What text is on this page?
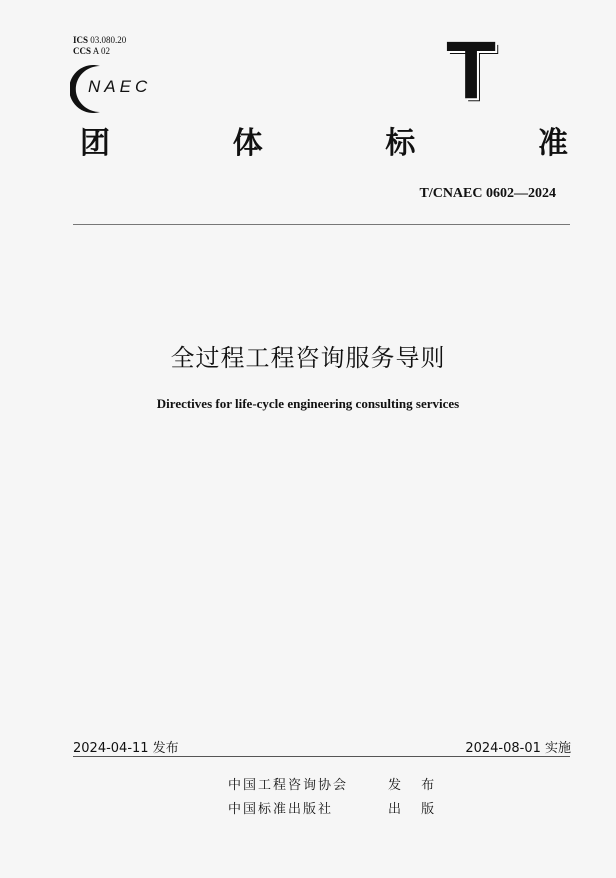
ICS 03.080.20
CCS A 02
NAEC	T
团	体	标	准
T/CNAEC 0602—2024
全过程工程咨询服务导则
Directives for life-cycle engineering consulting services
2024-04-11 发布	2024-08-01 实施
中国工程咨询协会	发 布
中国标准出版社	出 版
